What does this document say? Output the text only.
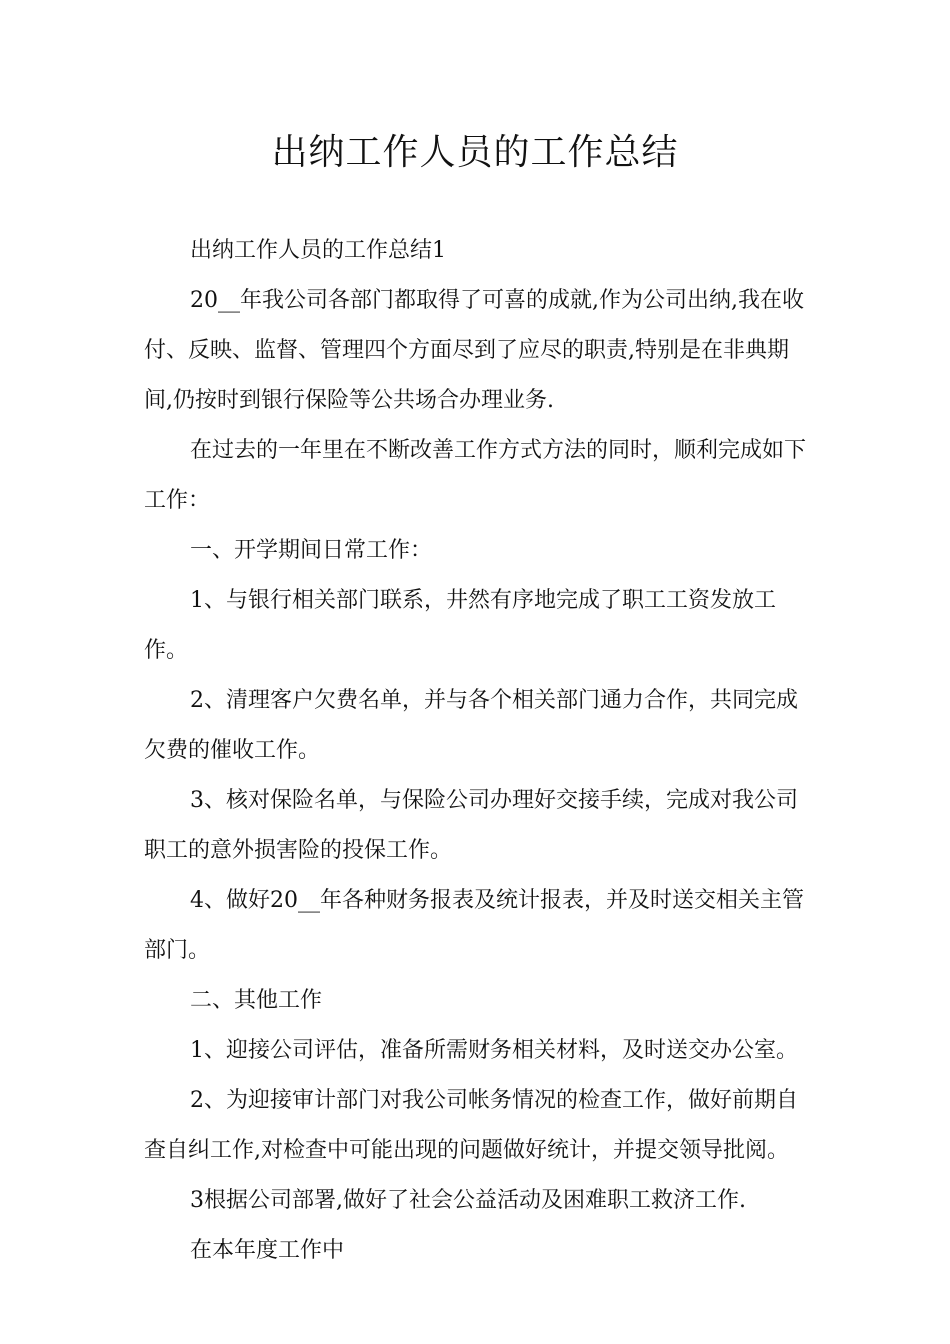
出纳工作人员的工作总结

出纳工作人员的工作总结1

20__年我公司各部门都取得了可喜的成就,作为公司出纳,我在收付、反映、监督、管理四个方面尽到了应尽的职责,特别是在非典期间,仍按时到银行保险等公共场合办理业务.

在过去的一年里在不断改善工作方式方法的同时，顺利完成如下工作：

一、开学期间日常工作：

1、与银行相关部门联系，井然有序地完成了职工工资发放工作。

2、清理客户欠费名单，并与各个相关部门通力合作，共同完成欠费的催收工作。

3、核对保险名单，与保险公司办理好交接手续，完成对我公司职工的意外损害险的投保工作。

4、做好20__年各种财务报表及统计报表，并及时送交相关主管部门。

二、其他工作

1、迎接公司评估，准备所需财务相关材料，及时送交办公室。

2、为迎接审计部门对我公司帐务情况的检查工作，做好前期自查自纠工作,对检查中可能出现的问题做好统计，并提交领导批阅。

3根据公司部署,做好了社会公益活动及困难职工救济工作.

在本年度工作中
